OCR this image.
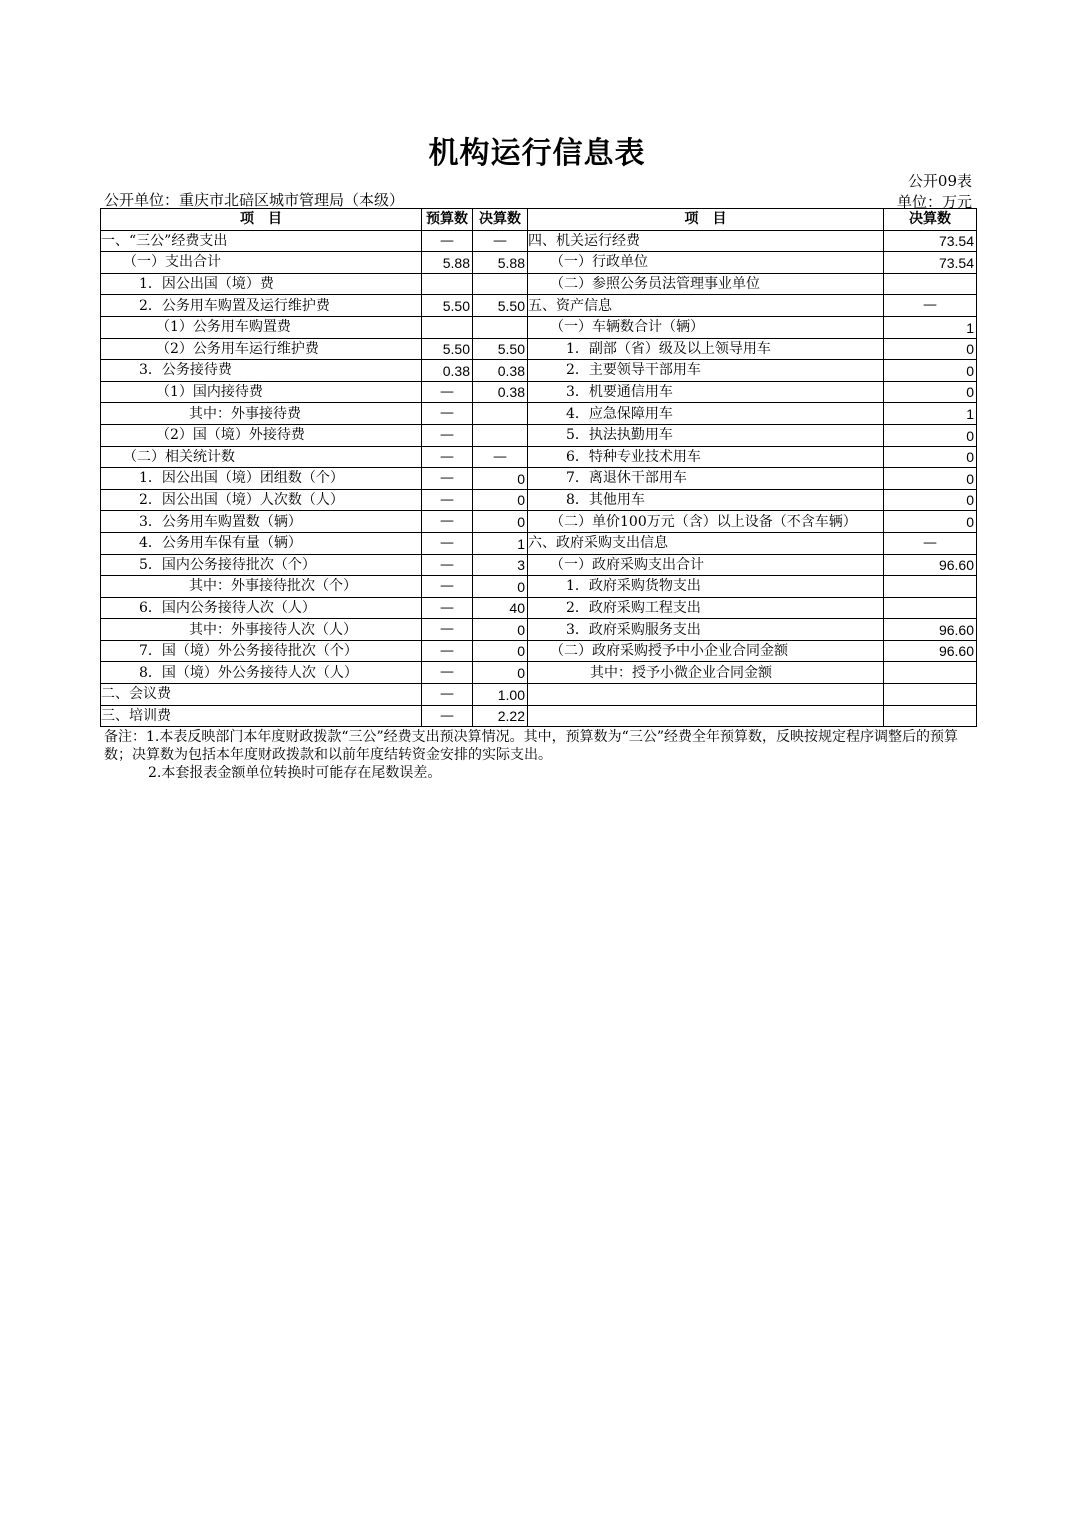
机构运行信息表
公开09表
公开单位：重庆市北碚区城市管理局（本级）	单位：万元
项　目	预算数	决算数	项　目	决算数
一、“三公”经费支出	—	—	四、机关运行经费	73.54
（一）支出合计	5.88	5.88	（一）行政单位	73.54
1．因公出国（境）费			（二）参照公务员法管理事业单位	
2．公务用车购置及运行维护费	5.50	5.50	五、资产信息	—
（1）公务用车购置费			（一）车辆数合计（辆）	1
（2）公务用车运行维护费	5.50	5.50	1．副部（省）级及以上领导用车	0
3．公务接待费	0.38	0.38	2．主要领导干部用车	0
（1）国内接待费	—	0.38	3．机要通信用车	0
其中：外事接待费	—		4．应急保障用车	1
（2）国（境）外接待费	—		5．执法执勤用车	0
（二）相关统计数	—	—	6．特种专业技术用车	0
1．因公出国（境）团组数（个）	—	0	7．离退休干部用车	0
2．因公出国（境）人次数（人）	—	0	8．其他用车	0
3．公务用车购置数（辆）	—	0	（二）单价100万元（含）以上设备（不含车辆）	0
4．公务用车保有量（辆）	—	1	六、政府采购支出信息	—
5．国内公务接待批次（个）	—	3	（一）政府采购支出合计	96.60
其中：外事接待批次（个）	—	0	1．政府采购货物支出	
6．国内公务接待人次（人）	—	40	2．政府采购工程支出	
其中：外事接待人次（人）	—	0	3．政府采购服务支出	96.60
7．国（境）外公务接待批次（个）	—	0	（二）政府采购授予中小企业合同金额	96.60
8．国（境）外公务接待人次（人）	—	0	其中：授予小微企业合同金额	
二、会议费	—	1.00		
三、培训费	—	2.22		
备注：1.本表反映部门本年度财政拨款“三公”经费支出预决算情况。其中，预算数为“三公”经费全年预算数，反映按规定程序调整后的预算数；决算数为包括本年度财政拨款和以前年度结转资金安排的实际支出。
2.本套报表金额单位转换时可能存在尾数误差。
